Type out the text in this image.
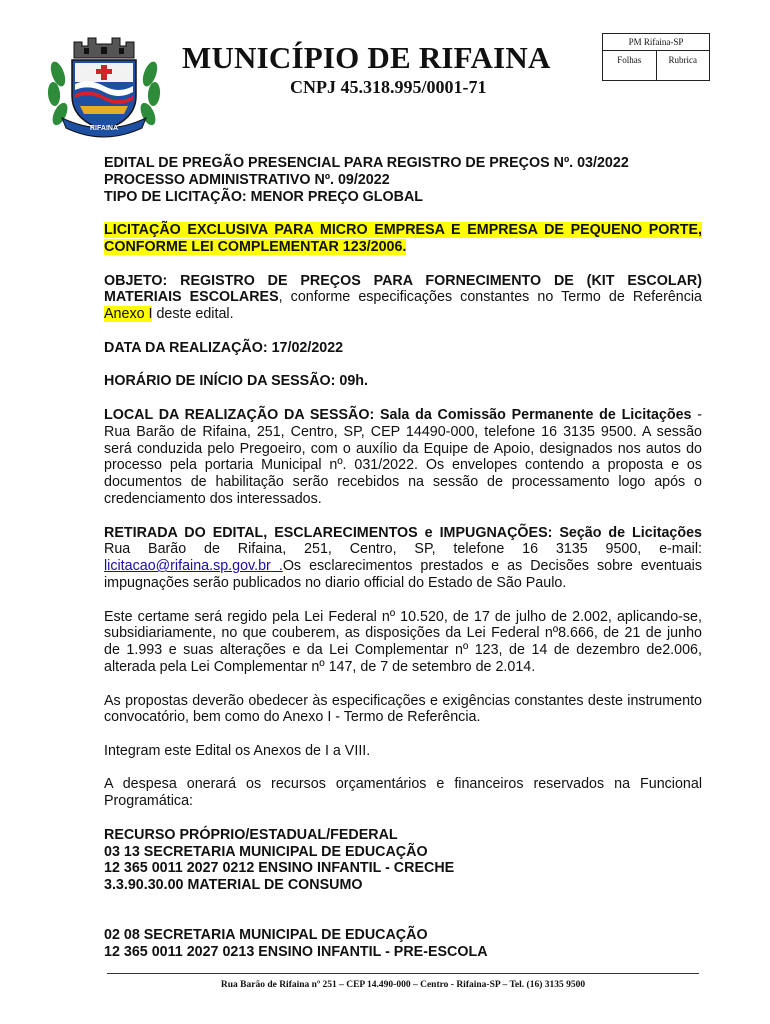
RIFAINA
MUNICÍPIO DE RIFAINA
CNPJ 45.318.995/0001-71
PM Rifaina-SP
Folhas	Rubrica

EDITAL DE PREGÃO PRESENCIAL PARA REGISTRO DE PREÇOS Nº. 03/2022
PROCESSO ADMINISTRATIVO Nº. 09/2022
TIPO DE LICITAÇÃO: MENOR PREÇO GLOBAL

LICITAÇÃO EXCLUSIVA PARA MICRO EMPRESA E EMPRESA DE PEQUENO PORTE, CONFORME LEI COMPLEMENTAR 123/2006.

OBJETO: REGISTRO DE PREÇOS PARA FORNECIMENTO DE (KIT ESCOLAR) MATERIAIS ESCOLARES, conforme especificações constantes no Termo de Referência Anexo I deste edital.

DATA DA REALIZAÇÃO: 17/02/2022

HORÁRIO DE INÍCIO DA SESSÃO: 09h.

LOCAL DA REALIZAÇÃO DA SESSÃO: Sala da Comissão Permanente de Licitações - Rua Barão de Rifaina, 251, Centro, SP, CEP 14490-000, telefone 16 3135 9500. A sessão será conduzida pelo Pregoeiro, com o auxílio da Equipe de Apoio, designados nos autos do processo pela portaria Municipal nº. 031/2022. Os envelopes contendo a proposta e os documentos de habilitação serão recebidos na sessão de processamento logo após o credenciamento dos interessados.

RETIRADA DO EDITAL, ESCLARECIMENTOS e IMPUGNAÇÕES: Seção de Licitações Rua Barão de Rifaina, 251, Centro, SP, telefone 16 3135 9500, e-mail: licitacao@rifaina.sp.gov.br .Os esclarecimentos prestados e as Decisões sobre eventuais impugnações serão publicados no diario official do Estado de São Paulo.

Este certame será regido pela Lei Federal nº 10.520, de 17 de julho de 2.002, aplicando-se, subsidiariamente, no que couberem, as disposições da Lei Federal nº8.666, de 21 de junho de 1.993 e suas alterações e da Lei Complementar nº 123, de 14 de dezembro de2.006, alterada pela Lei Complementar nº 147, de 7 de setembro de 2.014.

As propostas deverão obedecer às especificações e exigências constantes deste instrumento convocatório, bem como do Anexo I - Termo de Referência.

Integram este Edital os Anexos de I a VIII.

A despesa onerará os recursos orçamentários e financeiros reservados na Funcional Programática:

RECURSO PRÓPRIO/ESTADUAL/FEDERAL
03 13 SECRETARIA MUNICIPAL DE EDUCAÇÃO
12 365 0011 2027 0212 ENSINO INFANTIL - CRECHE
3.3.90.30.00 MATERIAL DE CONSUMO

02 08 SECRETARIA MUNICIPAL DE EDUCAÇÃO
12 365 0011 2027 0213 ENSINO INFANTIL - PRE-ESCOLA

Rua Barão de Rifaina nº 251 – CEP 14.490-000 – Centro - Rifaina-SP – Tel. (16) 3135 9500
